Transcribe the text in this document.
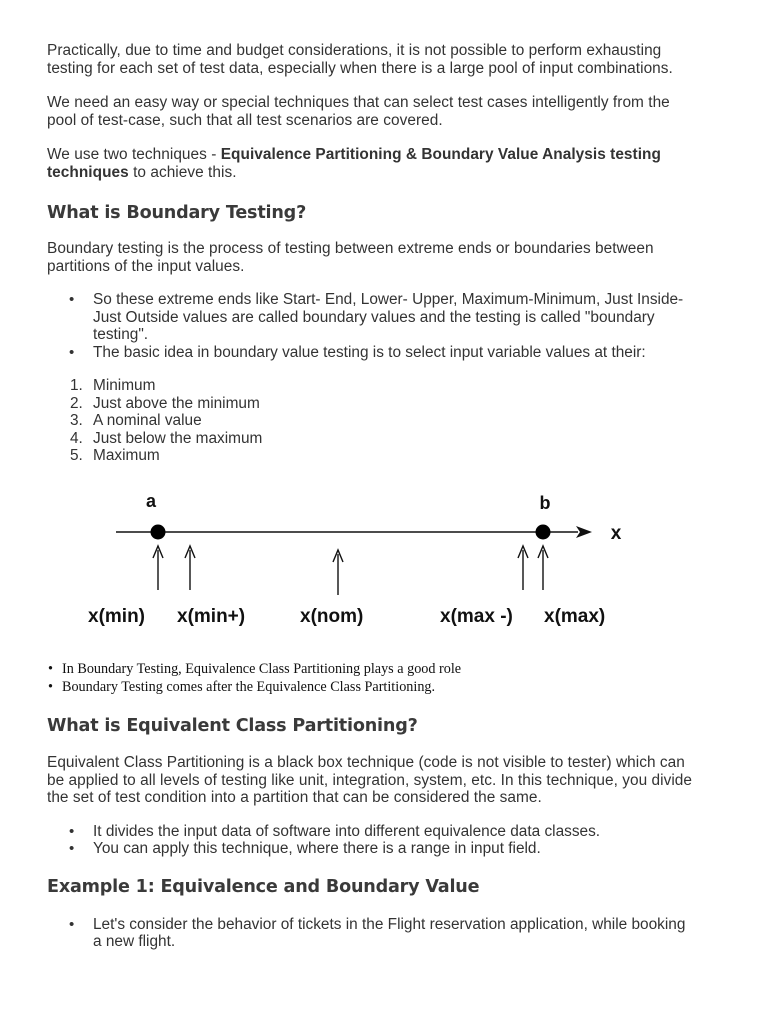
Practically, due to time and budget considerations, it is not possible to perform exhausting
testing for each set of test data, especially when there is a large pool of input combinations.

We need an easy way or special techniques that can select test cases intelligently from the
pool of test-case, such that all test scenarios are covered.

We use two techniques - Equivalence Partitioning & Boundary Value Analysis testing
techniques to achieve this.

What is Boundary Testing?

Boundary testing is the process of testing between extreme ends or boundaries between
partitions of the input values.

• So these extreme ends like Start- End, Lower- Upper, Maximum-Minimum, Just Inside-
Just Outside values are called boundary values and the testing is called "boundary
testing".
• The basic idea in boundary value testing is to select input variable values at their:
1. Minimum
2. Just above the minimum
3. A nominal value
4. Just below the maximum
5. Maximum
a	b
x
x(min) x(min+)	x(nom)	x(max -) x(max)
• In Boundary Testing, Equivalence Class Partitioning plays a good role
• Boundary Testing comes after the Equivalence Class Partitioning.
What is Equivalent Class Partitioning?

Equivalent Class Partitioning is a black box technique (code is not visible to tester) which can
be applied to all levels of testing like unit, integration, system, etc. In this technique, you divide
the set of test condition into a partition that can be considered the same.

• It divides the input data of software into different equivalence data classes.
• You can apply this technique, where there is a range in input field.
Example 1: Equivalence and Boundary Value
• Let's consider the behavior of tickets in the Flight reservation application, while booking
a new flight.
